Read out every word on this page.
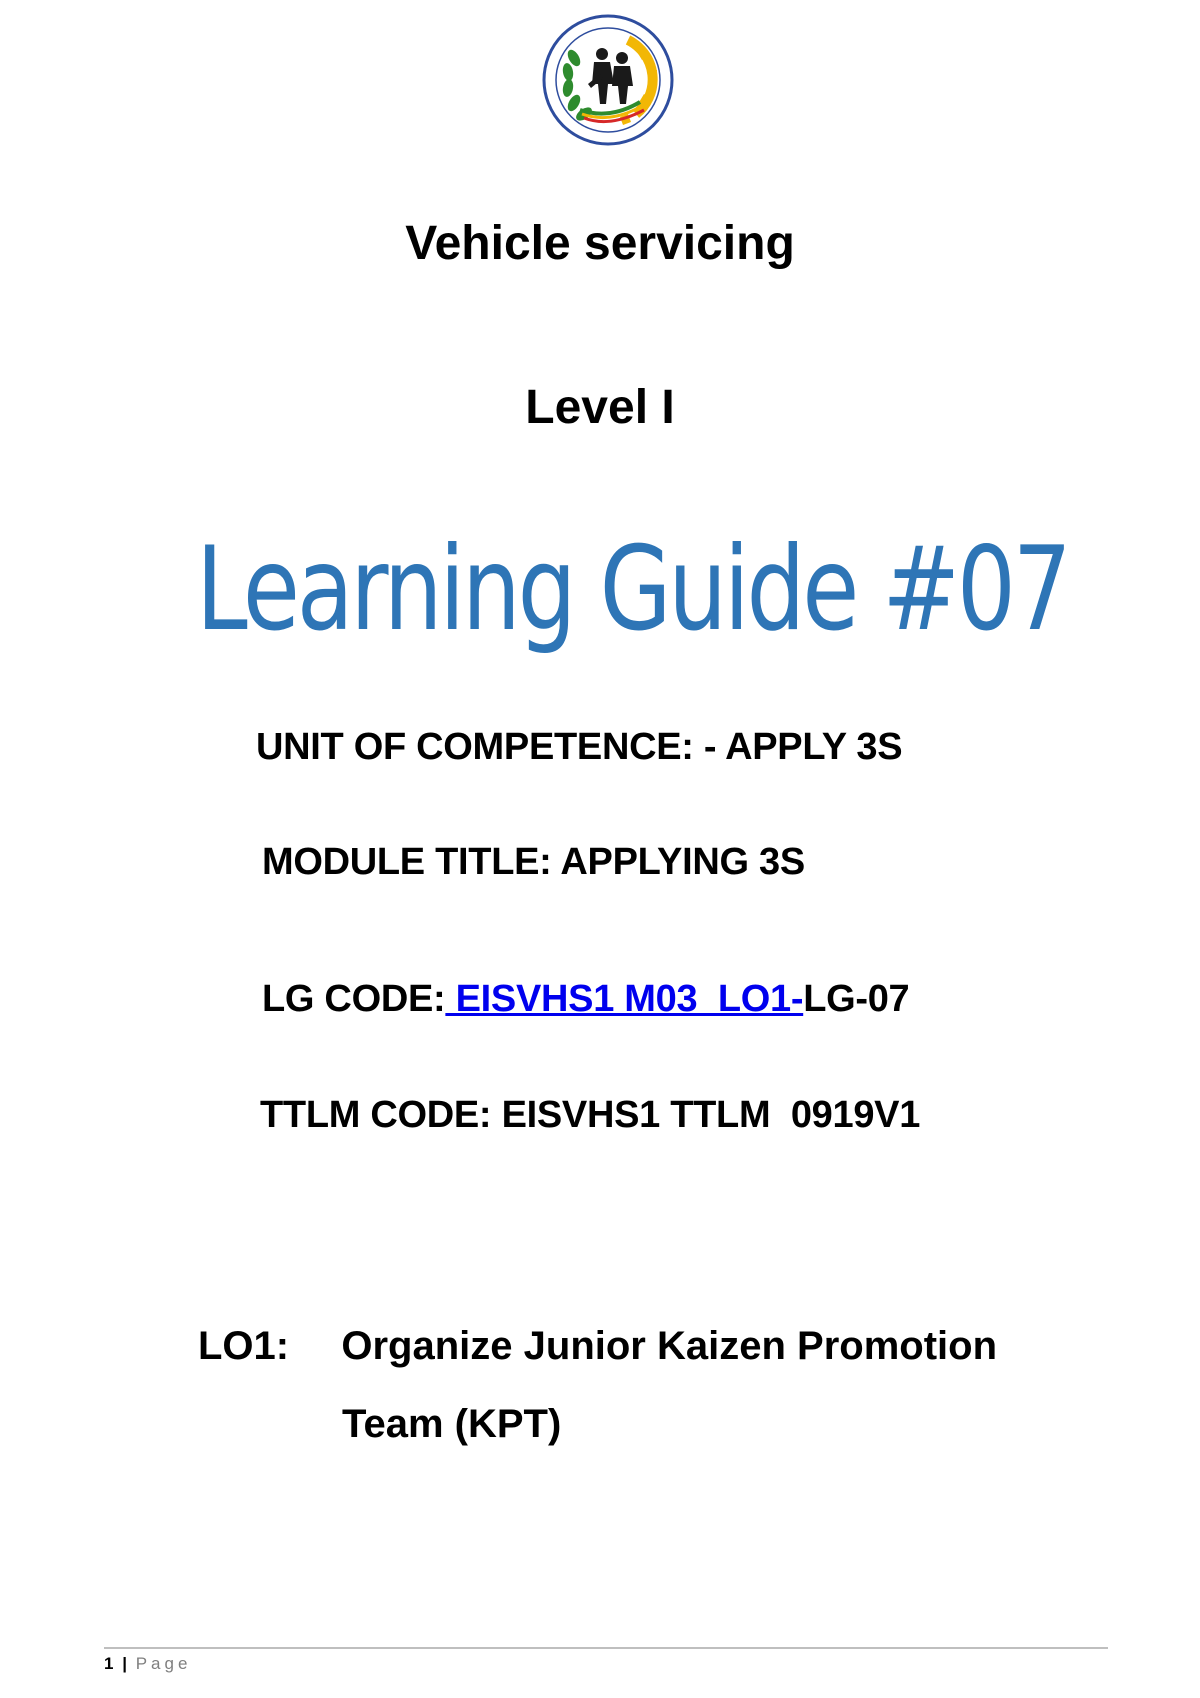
Vehicle servicing

Level I

Learning Guide #07

UNIT OF COMPETENCE: - APPLY 3S

MODULE TITLE: APPLYING 3S

LG CODE: EISVHS1 M03  LO1-LG-07

TTLM CODE: EISVHS1 TTLM  0919V1

LO1: Organize Junior Kaizen Promotion

Team (KPT)

1 | Page
